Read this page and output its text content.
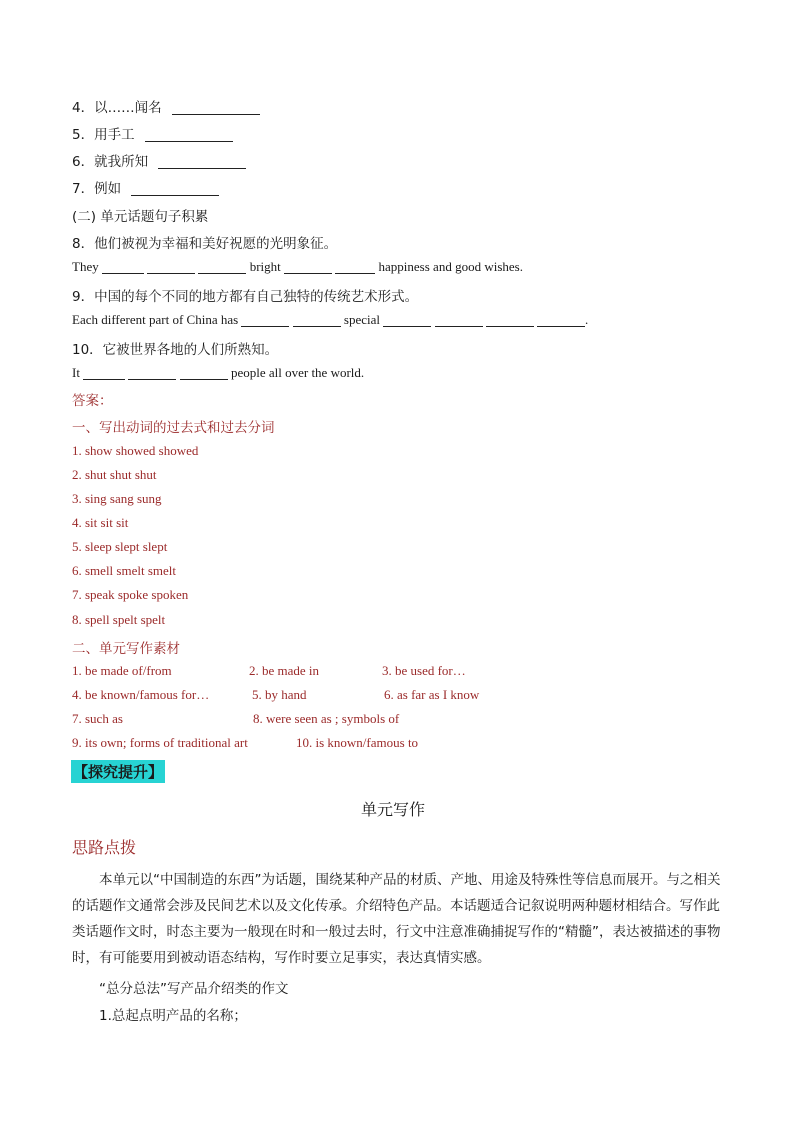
4．以……闻名
5．用手工
6．就我所知
7．例如
(二) 单元话题句子积累
8．他们被视为幸福和美好祝愿的光明象征。
They	bright	happiness and good wishes.
9．中国的每个不同的地方都有自己独特的传统艺术形式。
Each different part of China has	special	.
10．它被世界各地的人们所熟知。
It	people all over the world.
答案：
一、写出动词的过去式和过去分词
1. show showed showed
2. shut shut shut
3. sing sang sung
4. sit sit sit
5. sleep slept slept
6. smell smelt smelt
7. speak spoke spoken
8. spell spelt spelt
二、单元写作素材
1. be made of/from	2. be made in	3. be used for…
4. be known/famous for…	5. by hand	6. as far as I know
7. such as	8. were seen as ; symbols of
9. its own; forms of traditional art	10. is known/famous to
【探究提升】
单元写作
思路点拨
本单元以“中国制造的东西”为话题，围绕某种产品的材质、产地、用途及特殊性等信息而展开。与之相关的话题作文通常会涉及民间艺术以及文化传承。介绍特色产品。本话题适合记叙说明两种题材相结合。写作此类话题作文时，时态主要为一般现在时和一般过去时，行文中注意准确捕捉写作的“精髓”，表达被描述的事物时，有可能要用到被动语态结构，写作时要立足事实，表达真情实感。
“总分总法”写产品介绍类的作文
1.总起点明产品的名称；
